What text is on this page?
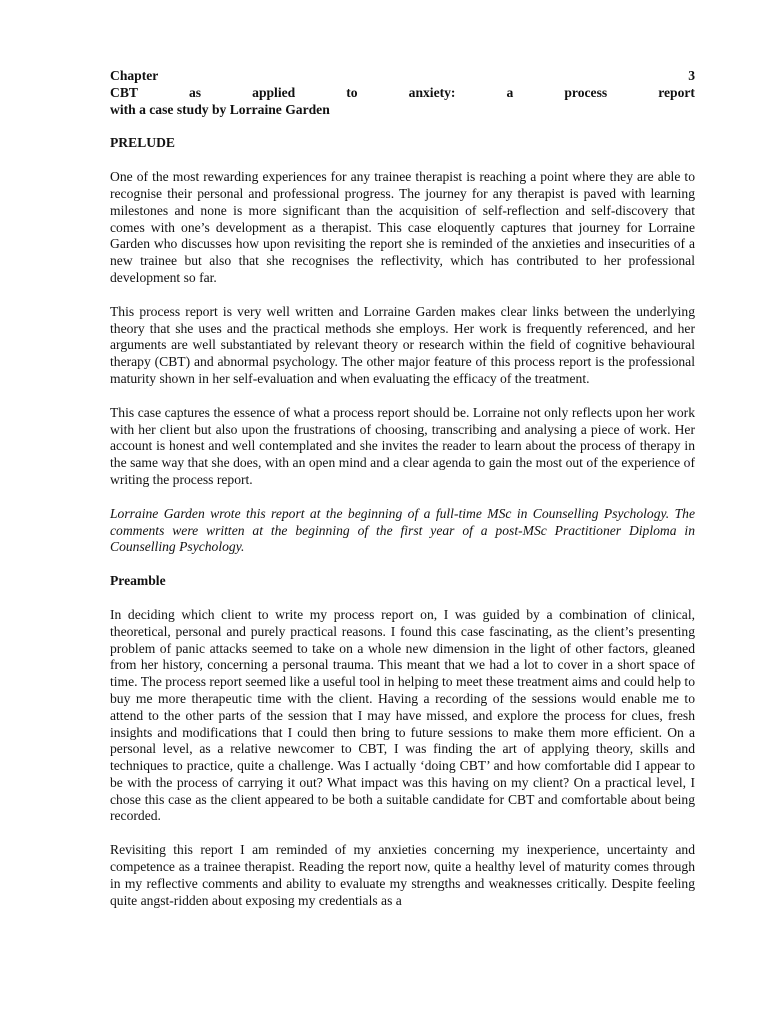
Chapter	3
CBT	as	applied	to	anxiety:	a	process	report
with a case study by Lorraine Garden
PRELUDE

One of the most rewarding experiences for any trainee therapist is reaching a point where they are able to recognise their personal and professional progress. The journey for any therapist is paved with learning milestones and none is more significant than the acquisition of self-reflection and self-discovery that comes with one’s development as a therapist. This case eloquently captures that journey for Lorraine Garden who discusses how upon revisiting the report she is reminded of the anxieties and insecurities of a new trainee but also that she recognises the reflectivity, which has contributed to her professional development so far.

This process report is very well written and Lorraine Garden makes clear links between the underlying theory that she uses and the practical methods she employs. Her work is frequently referenced, and her arguments are well substantiated by relevant theory or research within the field of cognitive behavioural therapy (CBT) and abnormal psychology. The other major feature of this process report is the professional maturity shown in her self-evaluation and when evaluating the efficacy of the treatment.

This case captures the essence of what a process report should be. Lorraine not only reflects upon her work with her client but also upon the frustrations of choosing, transcribing and analysing a piece of work. Her account is honest and well contemplated and she invites the reader to learn about the process of therapy in the same way that she does, with an open mind and a clear agenda to gain the most out of the experience of writing the process report.

Lorraine Garden wrote this report at the beginning of a full-time MSc in Counselling Psychology. The comments were written at the beginning of the first year of a post-MSc Practitioner Diploma in Counselling Psychology.

Preamble

In deciding which client to write my process report on, I was guided by a combination of clinical, theoretical, personal and purely practical reasons. I found this case fascinating, as the client’s presenting problem of panic attacks seemed to take on a whole new dimension in the light of other factors, gleaned from her history, concerning a personal trauma. This meant that we had a lot to cover in a short space of time. The process report seemed like a useful tool in helping to meet these treatment aims and could help to buy me more therapeutic time with the client. Having a recording of the sessions would enable me to attend to the other parts of the session that I may have missed, and explore the process for clues, fresh insights and modifications that I could then bring to future sessions to make them more efficient. On a personal level, as a relative newcomer to CBT, I was finding the art of applying theory, skills and techniques to practice, quite a challenge. Was I actually ‘doing CBT’ and how comfortable did I appear to be with the process of carrying it out? What impact was this having on my client? On a practical level, I chose this case as the client appeared to be both a suitable candidate for CBT and comfortable about being recorded.

Revisiting this report I am reminded of my anxieties concerning my inexperience, uncertainty and competence as a trainee therapist. Reading the report now, quite a healthy level of maturity comes through in my reflective comments and ability to evaluate my strengths and weaknesses critically. Despite feeling quite angst-ridden about exposing my credentials as a
